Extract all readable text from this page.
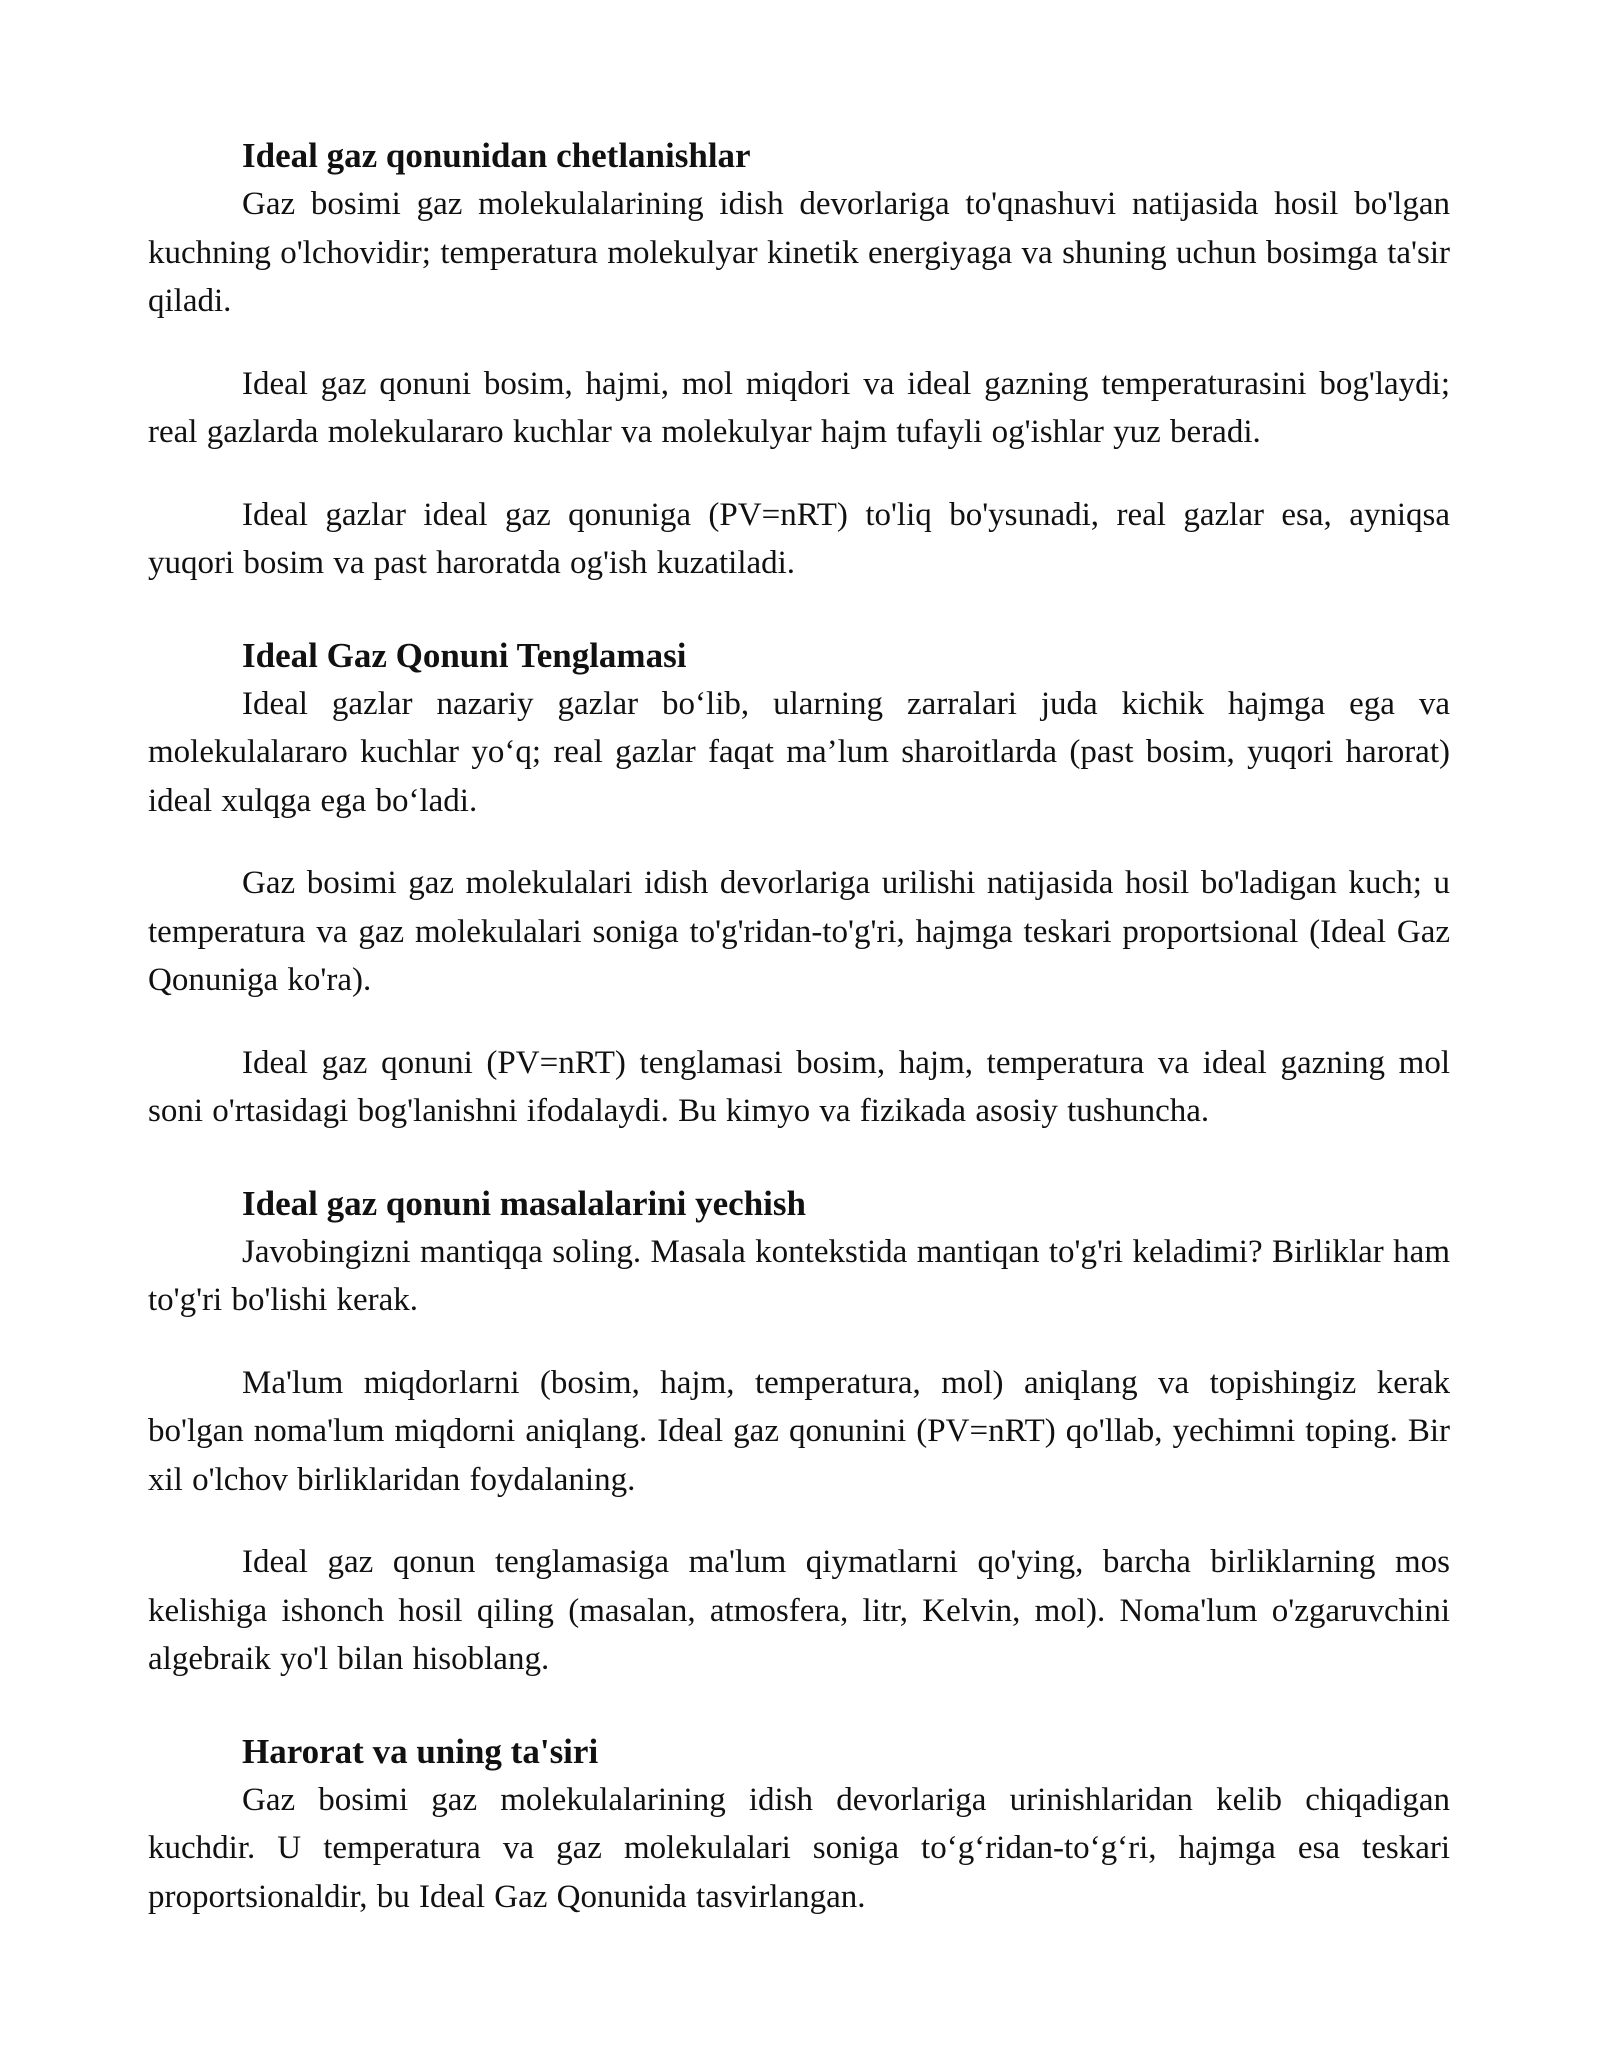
Ideal gaz qonunidan chetlanishlar

Gaz bosimi gaz molekulalarining idish devorlariga to'qnashuvi natijasida hosil bo'lgan kuchning o'lchovidir; temperatura molekulyar kinetik energiyaga va shuning uchun bosimga ta'sir qiladi.

Ideal gaz qonuni bosim, hajmi, mol miqdori va ideal gazning temperaturasini bog'laydi; real gazlarda molekulararo kuchlar va molekulyar hajm tufayli og'ishlar yuz beradi.

Ideal gazlar ideal gaz qonuniga (PV=nRT) to'liq bo'ysunadi, real gazlar esa, ayniqsa yuqori bosim va past haroratda og'ish kuzatiladi.

Ideal Gaz Qonuni Tenglamasi

Ideal gazlar nazariy gazlar bo‘lib, ularning zarralari juda kichik hajmga ega va molekulalararo kuchlar yo‘q; real gazlar faqat ma’lum sharoitlarda (past bosim, yuqori harorat) ideal xulqga ega bo‘ladi.

Gaz bosimi gaz molekulalari idish devorlariga urilishi natijasida hosil bo'ladigan kuch; u temperatura va gaz molekulalari soniga to'g'ridan-to'g'ri, hajmga teskari proportsional (Ideal Gaz Qonuniga ko'ra).

Ideal gaz qonuni (PV=nRT) tenglamasi bosim, hajm, temperatura va ideal gazning mol soni o'rtasidagi bog'lanishni ifodalaydi. Bu kimyo va fizikada asosiy tushuncha.

Ideal gaz qonuni masalalarini yechish

Javobingizni mantiqqa soling. Masala kontekstida mantiqan to'g'ri keladimi? Birliklar ham to'g'ri bo'lishi kerak.

Ma'lum miqdorlarni (bosim, hajm, temperatura, mol) aniqlang va topishingiz kerak bo'lgan noma'lum miqdorni aniqlang. Ideal gaz qonunini (PV=nRT) qo'llab, yechimni toping. Bir xil o'lchov birliklaridan foydalaning.

Ideal gaz qonun tenglamasiga ma'lum qiymatlarni qo'ying, barcha birliklarning mos kelishiga ishonch hosil qiling (masalan, atmosfera, litr, Kelvin, mol). Noma'lum o'zgaruvchini algebraik yo'l bilan hisoblang.

Harorat va uning ta'siri

Gaz bosimi gaz molekulalarining idish devorlariga urinishlaridan kelib chiqadigan kuchdir. U temperatura va gaz molekulalari soniga to‘g‘ridan-to‘g‘ri, hajmga esa teskari proportsionaldir, bu Ideal Gaz Qonunida tasvirlangan.
